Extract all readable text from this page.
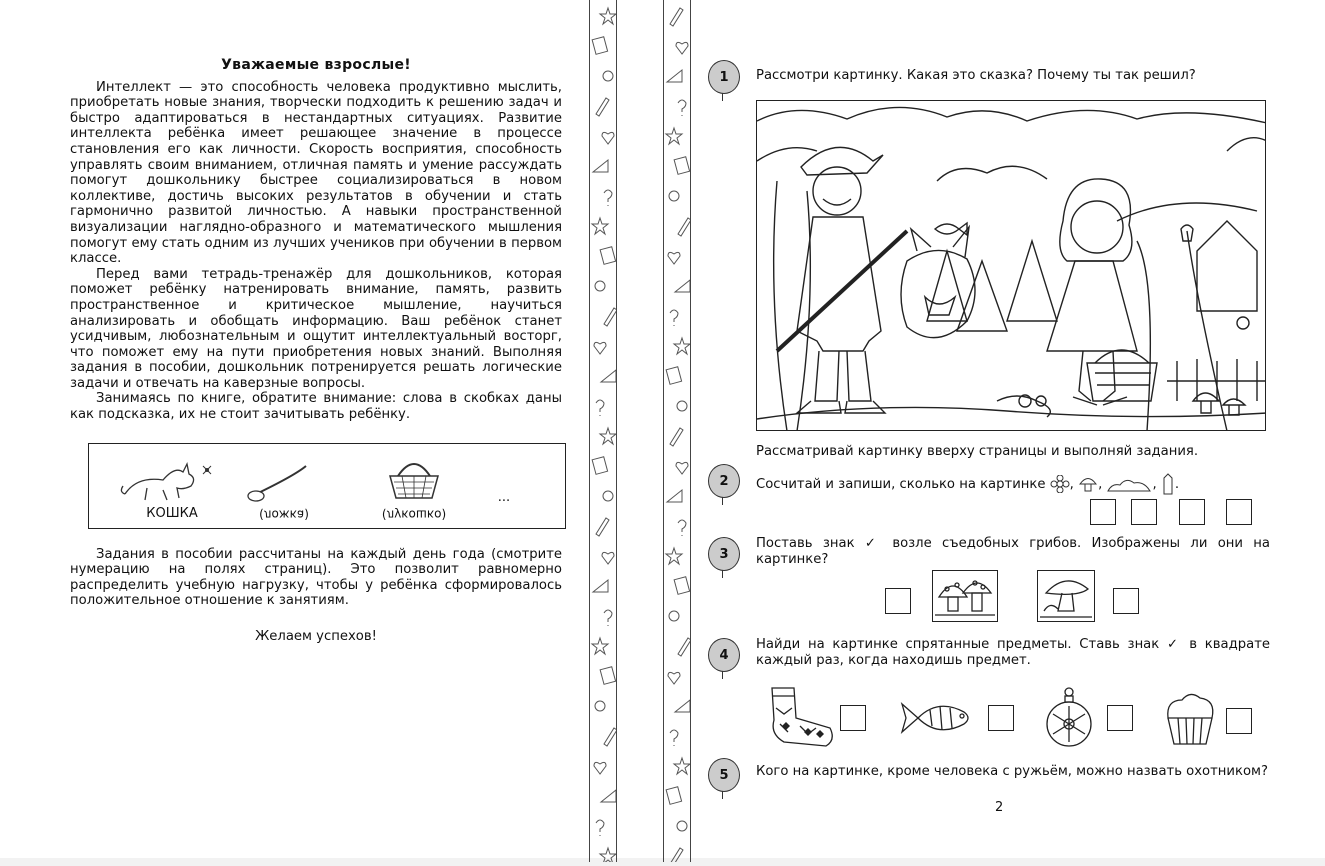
Уважаемые взрослые!

Интеллект — это способность человека продуктивно мыслить, приобретать новые знания, творчески подходить к решению задач и быстро адаптироваться в нестандартных ситуациях. Развитие интеллекта ребёнка имеет решающее значение в процессе становления его как личности. Скорость восприятия, способность управлять своим вниманием, отличная память и умение рассуждать помогут дошкольнику быстрее социализироваться в новом коллективе, достичь высоких результатов в обучении и стать гармонично развитой личностью. А навыки пространственной визуализации наглядно-образного и математического мышления помогут ему стать одним из лучших учеников при обучении в первом классе.

Перед вами тетрадь-тренажёр для дошкольников, которая поможет ребёнку натренировать внимание, память, развить пространственное и критическое мышление, научиться анализировать и обобщать информацию. Ваш ребёнок станет усидчивым, любознательным и ощутит интеллектуальный восторг, что поможет ему на пути приобретения новых знаний. Выполняя задания в пособии, дошкольник потренируется решать логические задачи и отвечать на каверзные вопросы.

Занимаясь по книге, обратите внимание: слова в скобках даны как подсказка, их не стоит зачитывать ребёнку.

КОШКА	(ложка)	(лукошко)
...

Задания в пособии рассчитаны на каждый день года (смотрите нумерацию на полях страниц). Это позволит равномерно распределить учебную нагрузку, чтобы у ребёнка сформировалось положительное отношение к занятиям.

Желаем успехов!
1
2
3
4
5
Рассмотри картинку. Какая это сказка? Почему ты так решил?
Рассматривай картинку вверху страницы и выполняй задания.
Сосчитай и запиши, сколько на картинке , ,	, .
Поставь знак ✓ возле съедобных грибов. Изображены ли они на картинке?
Найди на картинке спрятанные предметы. Ставь знак ✓ в квадрате каждый раз, когда находишь предмет.
Кого на картинке, кроме человека с ружьём, можно назвать охотником?
2
